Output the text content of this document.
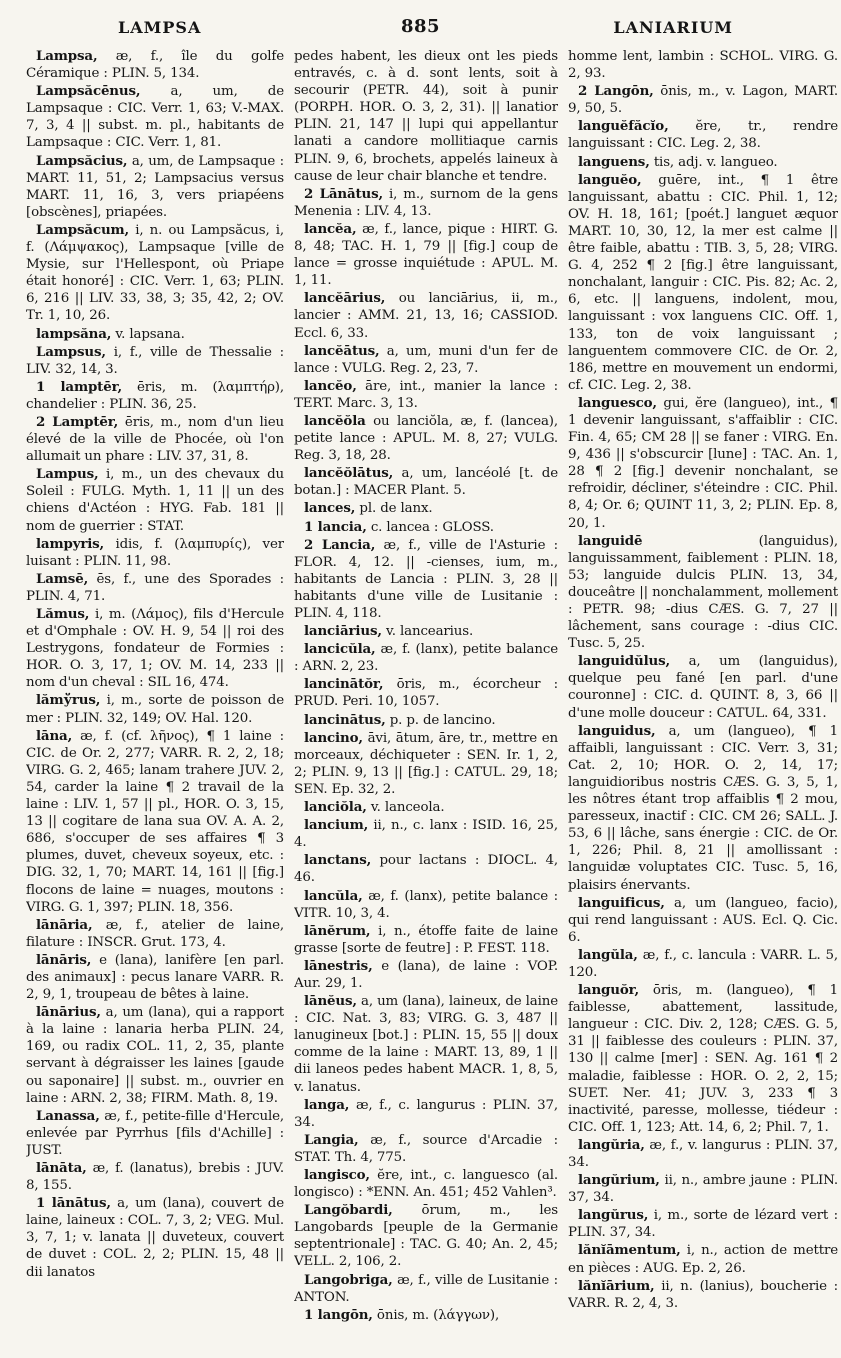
LAMPSA	885	LANIARIUM

Lampsa, æ, f., île du golfe Céramique : PLIN. 5, 134.

Lampsăcēnus, a, um, de Lampsaque : CIC. Verr. 1, 63; V.-MAX. 7, 3, 4 || subst. m. pl., habitants de Lampsaque : CIC. Verr. 1, 81.

Lampsăcius, a, um, de Lampsaque : MART. 11, 51, 2; Lampsacius versus MART. 11, 16, 3, vers priapéens [obscènes], priapées.

Lampsăcum, i, n. ou Lampsăcus, i, f. (Λάμψακος), Lampsaque [ville de Mysie, sur l'Hellespont, où Priape était honoré] : CIC. Verr. 1, 63; PLIN. 6, 216 || LIV. 33, 38, 3; 35, 42, 2; OV. Tr. 1, 10, 26.

lampsăna, v. lapsana.

Lampsus, i, f., ville de Thessalie : LIV. 32, 14, 3.

1 lamptēr, ēris, m. (λαμπτήρ), chandelier : PLIN. 36, 25.

2 Lamptēr, ēris, m., nom d'un lieu élevé de la ville de Phocée, où l'on allumait un phare : LIV. 37, 31, 8.

Lampus, i, m., un des chevaux du Soleil : FULG. Myth. 1, 11 || un des chiens d'Actéon : HYG. Fab. 181 || nom de guerrier : STAT.

lampyris, idis, f. (λαμπυρίς), ver luisant : PLIN. 11, 98.

Lamsē, ēs, f., une des Sporades : PLIN. 4, 71.

Lămus, i, m. (Λάμος), fils d'Hercule et d'Omphale : OV. H. 9, 54 || roi des Lestrygons, fondateur de Formies : HOR. O. 3, 17, 1; OV. M. 14, 233 || nom d'un cheval : SIL 16, 474.

lămўrus, i, m., sorte de poisson de mer : PLIN. 32, 149; OV. Hal. 120.

lāna, æ, f. (cf. λῆνος), ¶ 1 laine : CIC. de Or. 2, 277; VARR. R. 2, 2, 18; VIRG. G. 2, 465; lanam trahere JUV. 2, 54, carder la laine ¶ 2 travail de la laine : LIV. 1, 57 || pl., HOR. O. 3, 15, 13 || cogitare de lana sua OV. A. A. 2, 686, s'occuper de ses affaires ¶ 3 plumes, duvet, cheveux soyeux, etc. : DIG. 32, 1, 70; MART. 14, 161 || [fig.] flocons de laine = nuages, moutons : VIRG. G. 1, 397; PLIN. 18, 356.

lānāria, æ, f., atelier de laine, filature : INSCR. Grut. 173, 4.

lānāris, e (lana), lanifère [en parl. des animaux] : pecus lanare VARR. R. 2, 9, 1, troupeau de bêtes à laine.

lānārius, a, um (lana), qui a rapport à la laine : lanaria herba PLIN. 24, 169, ou radix COL. 11, 2, 35, plante servant à dégraisser les laines [gaude ou saponaire] || subst. m., ouvrier en laine : ARN. 2, 38; FIRM. Math. 8, 19.

Lanassa, æ, f., petite-fille d'Hercule, enlevée par Pyrrhus [fils d'Achille] : JUST.

lānāta, æ, f. (lanatus), brebis : JUV. 8, 155.

1 lānātus, a, um (lana), couvert de laine, laineux : COL. 7, 3, 2; VEG. Mul. 3, 7, 1; v. lanata || duveteux, couvert de duvet : COL. 2, 2; PLIN. 15, 48 || dii lanatos

pedes habent, les dieux ont les pieds entravés, c. à d. sont lents, soit à secourir (PETR. 44), soit à punir (PORPH. HOR. O. 3, 2, 31). || lanatior PLIN. 21, 147 || lupi qui appellantur lanati a candore mollitiaque carnis PLIN. 9, 6, brochets, appelés laineux à cause de leur chair blanche et tendre.

2 Lānātus, i, m., surnom de la gens Menenia : LIV. 4, 13.

lancĕa, æ, f., lance, pique : HIRT. G. 8, 48; TAC. H. 1, 79 || [fig.] coup de lance = grosse inquiétude : APUL. M. 1, 11.

lancĕārius, ou lanciārius, ii, m., lancier : AMM. 21, 13, 16; CASSIOD. Eccl. 6, 33.

lancĕātus, a, um, muni d'un fer de lance : VULG. Reg. 2, 23, 7.

lancĕo, āre, int., manier la lance : TERT. Marc. 3, 13.

lancĕŏla ou lanciŏla, æ, f. (lancea), petite lance : APUL. M. 8, 27; VULG. Reg. 3, 18, 28.

lancĕŏlātus, a, um, lancéolé [t. de botan.] : MACER Plant. 5.

lances, pl. de lanx.

1 lancia, c. lancea : GLOSS.

2 Lancia, æ, f., ville de l'Asturie : FLOR. 4, 12. || -cienses, ium, m., habitants de Lancia : PLIN. 3, 28 || habitants d'une ville de Lusitanie : PLIN. 4, 118.

lanciārius, v. lancearius.

lancicŭla, æ, f. (lanx), petite balance : ARN. 2, 23.

lancinātŏr, ōris, m., écorcheur : PRUD. Peri. 10, 1057.

lancinātus, p. p. de lancino.

lancino, āvi, ātum, āre, tr., mettre en morceaux, déchiqueter : SEN. Ir. 1, 2, 2; PLIN. 9, 13 || [fig.] : CATUL. 29, 18; SEN. Ep. 32, 2.

lanciŏla, v. lanceola.

lancium, ii, n., c. lanx : ISID. 16, 25, 4.

lanctans, pour lactans : DIOCL. 4, 46.

lancŭla, æ, f. (lanx), petite balance : VITR. 10, 3, 4.

lānĕrum, i, n., étoffe faite de laine grasse [sorte de feutre] : P. FEST. 118.

lānestris, e (lana), de laine : VOP. Aur. 29, 1.

lānĕus, a, um (lana), laineux, de laine : CIC. Nat. 3, 83; VIRG. G. 3, 487 || lanugineux [bot.] : PLIN. 15, 55 || doux comme de la laine : MART. 13, 89, 1 || dii laneos pedes habent MACR. 1, 8, 5, v. lanatus.

langa, æ, f., c. langurus : PLIN. 37, 34.

Langia, æ, f., source d'Arcadie : STAT. Th. 4, 775.

langisco, ĕre, int., c. languesco (al. longisco) : *ENN. An. 451; 452 Vahlen³.

Langŏbardi, ōrum, m., les Langobards [peuple de la Germanie septentrionale] : TAC. G. 40; An. 2, 45; VELL. 2, 106, 2.

Langobriga, æ, f., ville de Lusitanie : ANTON.

1 langōn, ōnis, m. (λάγγων),

homme lent, lambin : SCHOL. VIRG. G. 2, 93.

2 Langōn, ōnis, m., v. Lagon, MART. 9, 50, 5.

languĕfăcĭo, ĕre, tr., rendre languissant : CIC. Leg. 2, 38.

languens, tis, adj. v. langueo.

languĕo, guēre, int., ¶ 1 être languissant, abattu : CIC. Phil. 1, 12; OV. H. 18, 161; [poét.] languet æquor MART. 10, 30, 12, la mer est calme || être faible, abattu : TIB. 3, 5, 28; VIRG. G. 4, 252 ¶ 2 [fig.] être languissant, nonchalant, languir : CIC. Pis. 82; Ac. 2, 6, etc. || languens, indolent, mou, languissant : vox languens CIC. Off. 1, 133, ton de voix languissant ; languentem commovere CIC. de Or. 2, 186, mettre en mouvement un endormi, cf. CIC. Leg. 2, 38.

languesco, gui, ĕre (langueo), int., ¶ 1 devenir languissant, s'affaiblir : CIC. Fin. 4, 65; CM 28 || se faner : VIRG. En. 9, 436 || s'obscurcir [lune] : TAC. An. 1, 28 ¶ 2 [fig.] devenir nonchalant, se refroidir, décliner, s'éteindre : CIC. Phil. 8, 4; Or. 6; QUINT 11, 3, 2; PLIN. Ep. 8, 20, 1.

languidē (languidus), languissamment, faiblement : PLIN. 18, 53; languide dulcis PLIN. 13, 34, douceâtre || nonchalamment, mollement : PETR. 98; -dius CÆS. G. 7, 27 || lâchement, sans courage : -dius CIC. Tusc. 5, 25.

languidŭlus, a, um (languidus), quelque peu fané [en parl. d'une couronne] : CIC. d. QUINT. 8, 3, 66 || d'une molle douceur : CATUL. 64, 331.

languidus, a, um (langueo), ¶ 1 affaibli, languissant : CIC. Verr. 3, 31; Cat. 2, 10; HOR. O. 2, 14, 17; languidioribus nostris CÆS. G. 3, 5, 1, les nôtres étant trop affaiblis ¶ 2 mou, paresseux, inactif : CIC. CM 26; SALL. J. 53, 6 || lâche, sans énergie : CIC. de Or. 1, 226; Phil. 8, 21 || amollissant : languidæ voluptates CIC. Tusc. 5, 16, plaisirs énervants.

languificus, a, um (langueo, facio), qui rend languissant : AUS. Ecl. Q. Cic. 6.

langŭla, æ, f., c. lancula : VARR. L. 5, 120.

languŏr, ōris, m. (langueo), ¶ 1 faiblesse, abattement, lassitude, langueur : CIC. Div. 2, 128; CÆS. G. 5, 31 || faiblesse des couleurs : PLIN. 37, 130 || calme [mer] : SEN. Ag. 161 ¶ 2 maladie, faiblesse : HOR. O. 2, 2, 15; SUET. Ner. 41; JUV. 3, 233 ¶ 3 inactivité, paresse, mollesse, tiédeur : CIC. Off. 1, 123; Att. 14, 6, 2; Phil. 7, 1.

langŭria, æ, f., v. langurus : PLIN. 37, 34.

langŭrium, ii, n., ambre jaune : PLIN. 37, 34.

langŭrus, i, m., sorte de lézard vert : PLIN. 37, 34.

lănĭāmentum, i, n., action de mettre en pièces : AUG. Ep. 2, 26.

lănĭārium, ii, n. (lanius), boucherie : VARR. R. 2, 4, 3.
